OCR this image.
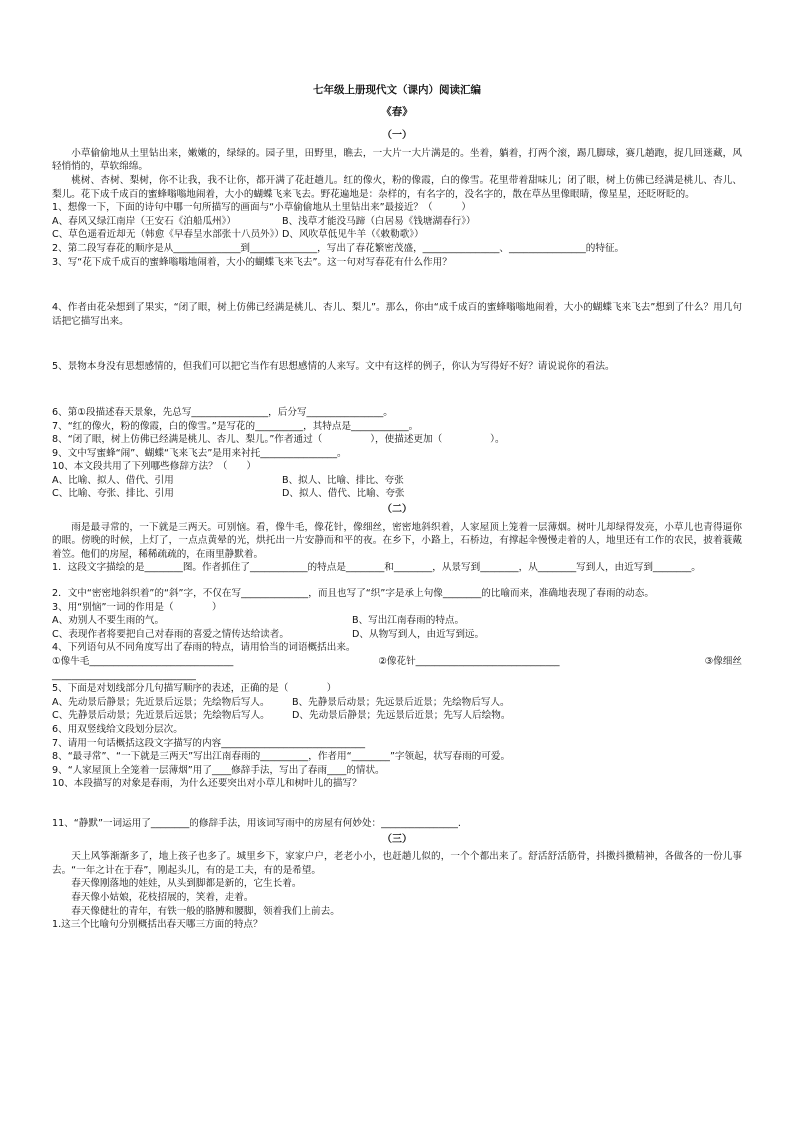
七年级上册现代文（课内）阅读汇编
《春》
（一）

小草偷偷地从土里钻出来，嫩嫩的，绿绿的。园子里，田野里，瞧去，一大片一大片满是的。坐着，躺着，打两个滚，踢几脚球，赛几趟跑，捉几回迷藏，风轻悄悄的，草软绵绵。

桃树、杏树、梨树，你不让我，我不让你，都开满了花赶趟儿。红的像火，粉的像霞，白的像雪。花里带着甜味儿；闭了眼，树上仿佛已经满是桃儿、杏儿、梨儿。花下成千成百的蜜蜂嗡嗡地闹着，大小的蝴蝶飞来飞去。野花遍地是：杂样的，有名字的，没名字的，散在草丛里像眼睛，像星星，还眨呀眨的。

1、想像一下，下面的诗句中哪一句所描写的画面与“小草偷偷地从土里钻出来”最接近？（　　　）

A、春风又绿江南岸（王安石《泊船瓜州》）	B、浅草才能没马蹄（白居易《钱塘湖春行》）
C、草色遥看近却无（韩愈《早春呈水部张十八员外》）
D、风吹草低见牛羊（《敕勒歌》）

2、第二段写春花的顺序是从______________到______________，写出了春花繁密茂盛，________________、________________的特征。

3、写“花下成千成百的蜜蜂嗡嗡地闹着，大小的蝴蝶飞来飞去”。这一句对写春花有什么作用？

4、作者由花朵想到了果实，“闭了眼，树上仿佛已经满是桃儿、杏儿、梨儿”。那么，你由“成千成百的蜜蜂嗡嗡地闹着，大小的蝴蝶飞来飞去”想到了什么？用几句话把它描写出来。

5、景物本身没有思想感情的，但我们可以把它当作有思想感情的人来写。文中有这样的例子，你认为写得好不好？请说说你的看法。

6、第①段描述春天景象，先总写________________，后分写________________。

7、“红的像火，粉的像霞，白的像雪。”是写花的__________，其特点是____________。

8、“闭了眼，树上仿佛已经满是桃儿、杏儿、梨儿。”作者通过（　　　　　），使描述更加（　　　　　）。

9、文中写蜜蜂“闹”、蝴蝶“飞来飞去”是用来衬托________________。

10、本文段共用了下列哪些修辞方法？（　　）

A、比喻、拟人、借代、引用	B、拟人、比喻、排比、夸张
C、比喻、夸张、排比、引用	D、拟人、借代、比喻、夸张
（二）

雨是最寻常的，一下就是三两天。可别恼。看，像牛毛，像花针，像细丝，密密地斜织着，人家屋顶上笼着一层薄烟。树叶儿却绿得发亮，小草儿也青得逼你的眼。傍晚的时候，上灯了，一点点黄晕的光，烘托出一片安静而和平的夜。在乡下，小路上，石桥边，有撑起伞慢慢走着的人，地里还有工作的农民，披着蓑戴着笠。他们的房屋，稀稀疏疏的，在雨里静默着。

1．这段文字描绘的是________图。作者抓住了____________的特点是________和________，从景写到________，从________写到人，由近写到________。

2．文中“密密地斜织着”的“斜”字，不仅在写______________，而且也写了“织”字是承上句像________的比喻而来，准确地表现了春雨的动态。

3、用“别恼”一词的作用是（　　　　）

A、劝别人不要生雨的气。	B、写出江南春雨的特点。
C、表现作者将要把自己对春雨的喜爱之情传达给读者。	D、从物写到人，由近写到远。

4、下列语句从不同角度写出了春雨的特点，请用恰当的词语概括出来。

①像牛毛______________________________	②像花针______________________________	③像细丝

______________________________

5、下面是对划线部分几句描写顺序的表述，正确的是（　　　　）

A、先动景后静景；先近景后远景；先绘物后写人。	B、先静景后动景；先远景后近景；先绘物后写人。
C、先静景后动景；先近景后远景；先绘物后写人。	D、先动景后静景；先远景后近景；先写人后绘物。

6、用双竖线给文段划分层次。

7、请用一句话概括这段文字描写的内容______________________________

8、“最寻常”、“一下就是三两天”写出江南春雨的__________，作者用“________”字领起，状写春雨的可爱。

9、“人家屋顶上全笼着一层薄烟”用了____修辞手法，写出了春雨____的情状。

10、本段描写的对象是春雨，为什么还要突出对小草儿和树叶儿的描写？

11、“静默”一词运用了________的修辞手法，用该词写雨中的房屋有何妙处：________________.

（三）

天上风筝渐渐多了，地上孩子也多了。城里乡下，家家户户，老老小小，也赶趟儿似的，一个个都出来了。舒活舒活筋骨，抖擞抖擞精神，各做各的一份儿事去。“一年之计在于春”，刚起头儿，有的是工夫，有的是希望。

春天像刚落地的娃娃，从头到脚都是新的，它生长着。

春天像小姑娘，花枝招展的，笑着，走着。

春天像健壮的青年，有铁一般的胳膊和腰脚，领着我们上前去。

1.这三个比喻句分别概括出春天哪三方面的特点？
